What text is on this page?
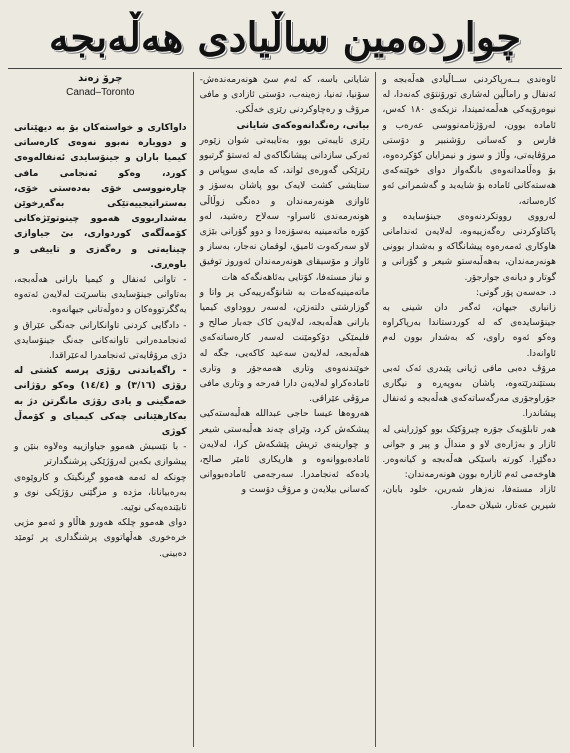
چوارده‌مین ساڵیادی هه‌ڵه‌بجه
چرۆ زه‌ند
Canad–Toronto

داواکاری و خواسته‌کان بۆ به‌ دیهێنانی و دووباره‌ نه‌بوو نه‌وه‌ی کاره‌ساتی کیمیا باران و جینۆسایدی ئه‌نفاله‌وه‌ی کورد، وه‌کو ئه‌نجامی مافی چاره‌نووسی خۆی به‌ده‌ستی خۆی، به‌ستراتیجییه‌تێکی به‌گه‌ڕخوێن به‌شداربووی هه‌موو چینوتوێژه‌کانی کۆمه‌ڵگه‌ی کوردواری، بێ جیاوازی چینایه‌تی و ره‌گه‌زی و تاییفی و باوه‌ڕی.

- تاوانی ئه‌نفال و کیمیا بارانی هه‌ڵه‌بجه، به‌تاوانی جینۆسایدی بناسرێت له‌لایه‌ن ئه‌ته‌وه‌ یه‌گگرتووه‌کان و ده‌وڵه‌تانی جیهانه‌وه‌.

- داد‌گایی کردنی تاوانکارانی جه‌نگی عێراق و ئه‌نجامده‌رانی تاوانه‌کانی جه‌نگ جینۆسایدی دژی مرۆڤایه‌تی ئه‌نجامدرا له‌عێراقدا.

- راگه‌یاندنی رۆژی پرسه‌ کشتی له‌ رۆژی (٣/١٦) و (١٤/٤) وه‌کو رۆژانی خه‌مگینی و یادی رۆژی مانگرتن دژ به‌ به‌کارهێنانی چه‌کی کیمیای و کۆمه‌ڵ کوژی

- با نێسیش هه‌موو جیاوازییه‌ وه‌لاوه‌ بنێن و پیشوازی بکه‌ین له‌رۆژێکی پرشنگدارتر

چونکه‌ له‌ ئه‌مه‌ هه‌موو گڕنگیتک و کاروێوه‌ی به‌ره‌بیانانا، مژده‌ و مزگێنی رۆژێکی نوی و تابێنده‌یه‌کی نوێیه‌.

دوای هه‌موو چلکه‌ هه‌ورو هاڵاو و ئه‌مو مژیی خره‌خوری هه‌ڵهاتووی پرشنگداری پر ئومێد ده‌بینی.

شایانی باسه‌، که‌ ئه‌م سێ هونه‌رمه‌نده‌ش- سۆنیا، ته‌نیا، زه‌ینه‌ب، دۆستی ئازادی و مافی مرۆڤ و ره‌چاوکردنی رێزی خه‌ڵکی.

بیانی، ره‌نگدانه‌وه‌که‌ی شایانی

رێزی تایبه‌تی بوو، به‌تایبه‌تی شوان زێوه‌ر ئه‌رکی سازدانی پیشانگاکه‌ی له‌ ئه‌ستۆ گرتبوو رێزێکی گه‌وره‌ی ئواند، که‌ مایه‌ی سوپاس و ستایشی کشت لایه‌ک بوو پاشان به‌سۆز و ئاوازی هونه‌رمه‌ندان و ده‌نگی زوڵاڵی هونه‌رمه‌ندی ئاسراو- سه‌لاح ره‌شید، له‌و کۆره‌ ماته‌مینیه‌ به‌سۆزه‌دا و دوو گۆرانی بێژی لاو سه‌رکه‌وت ئامیق، لوقمان نه‌جار، به‌ساز و ئاواز و مۆسیقای هونه‌رمه‌ندان ئه‌وروز توفیق و نیاز مسته‌فا، کۆتایی به‌ئاهه‌نگه‌که‌ هات

ماته‌مینیه‌که‌مات به‌ شانۆگه‌رییه‌کی پر واتا و گوزارشتی دلتەزێن، له‌سه‌ر رووداوی کیمیا بارانی هه‌ڵه‌بجه، له‌لایه‌ن کاک جه‌بار صالح و فلیمێکی دۆکومێنت له‌سه‌ر کاره‌ساته‌که‌ی هه‌ڵه‌بجه‌، له‌لایه‌ن سه‌عید کاکه‌یی، جگه‌ له‌ خوێندنه‌وه‌ی وتاری هه‌مه‌جۆر و وتاری ئاماده‌کراو له‌لایه‌ن دارا فه‌رحه‌ و وتاری مافی مرۆڤی عێراقی.

هه‌روه‌ها عیسا حاجی عبدالله‌ هه‌ڵبه‌سته‌کیی پیشکه‌ش کرد، وێرای چه‌ند هه‌ڵبه‌ستی شیعر و چوارینه‌ی تریش پێشکه‌ش کرا، له‌لایه‌ن ئاماده‌بووانه‌وه‌ و هاریکاری ئامێر صالح، یاده‌که‌ ئه‌نجامدرا. سه‌رجه‌می ئاماده‌بووانی که‌سانی بیلایه‌ن و مرۆڤ دۆست و

ئاوه‌ندی بــه‌رپاکردنی ســاڵیادی هه‌ڵه‌بجه و ئه‌نفال و راماڵین له‌شاری تورۆنتۆی که‌نه‌دا، له‌ نیوه‌رۆیه‌کی هه‌ڵمه‌تمیندا، نزیکه‌ی ١٨٠ که‌س، ئاماده‌ بوون، له‌رۆژنامه‌نووسی عه‌ره‌ب و فارس و که‌سانی رۆشنبیر و دۆستی مرۆڤایه‌تی، وڵاژ و سوز و نیمزایان کۆکرده‌وه، بۆ وه‌ڵامدانه‌وه‌ی بانگه‌واز دوای خوێنه‌که‌ی هه‌سته‌کانی ئاماده‌ بۆ شایه‌ید و گه‌شمرانی ئه‌و کاره‌ساته،

له‌رووی رووتکردنه‌وه‌ی جینۆسایده‌ و پاکتاوکردنی ره‌گه‌زییه‌وه، له‌لایه‌ن ئه‌ندامانی هاوکاری ئه‌مه‌ره‌وه‌ پیشانگاکه‌ و به‌شدار بوونی هونه‌رمه‌ندان، به‌هه‌ڵبه‌ستو شیعر و گۆرانی و گوتار و دیانه‌ی جوارجۆر.

د. حه‌سه‌ن پۆر گوتی:

زانیاری جیهان، ئه‌گه‌ر دان شینی به‌ جینۆسایده‌ی که‌ له‌ کوردستاندا به‌رپاکراوه‌ وه‌کو ئه‌وه‌ راوی، که‌ به‌شدار بوون له‌م ئاوانه‌دا.

مرۆڤ ده‌بی مافی ژیانی پێبدری ئه‌ک ئه‌بی بستێندرێته‌وه، پاشان به‌وپه‌ڕه‌ و نیگاری جۆراوجۆری مه‌رگه‌ساته‌که‌ی هه‌ڵه‌بجه و ئه‌نفال پیشاندرا.

هه‌ر تابلۆیه‌ک جۆره‌ چیرۆکێک بوو کوژراینی له‌ ئازار و به‌ژاره‌ی لاو و منداڵ و پیر و جوانی ده‌گێڕا. کورته‌ باسێکی هه‌ڵه‌بجه و کیانه‌وه‌ر. هاوخه‌می ئه‌م ئازاره‌ بوون هونه‌رمه‌ندان:

ئازاد مسته‌فا، نه‌زهار شه‌رین، خلود بابان، شیرین عه‌تار، شیلان حه‌مار.
